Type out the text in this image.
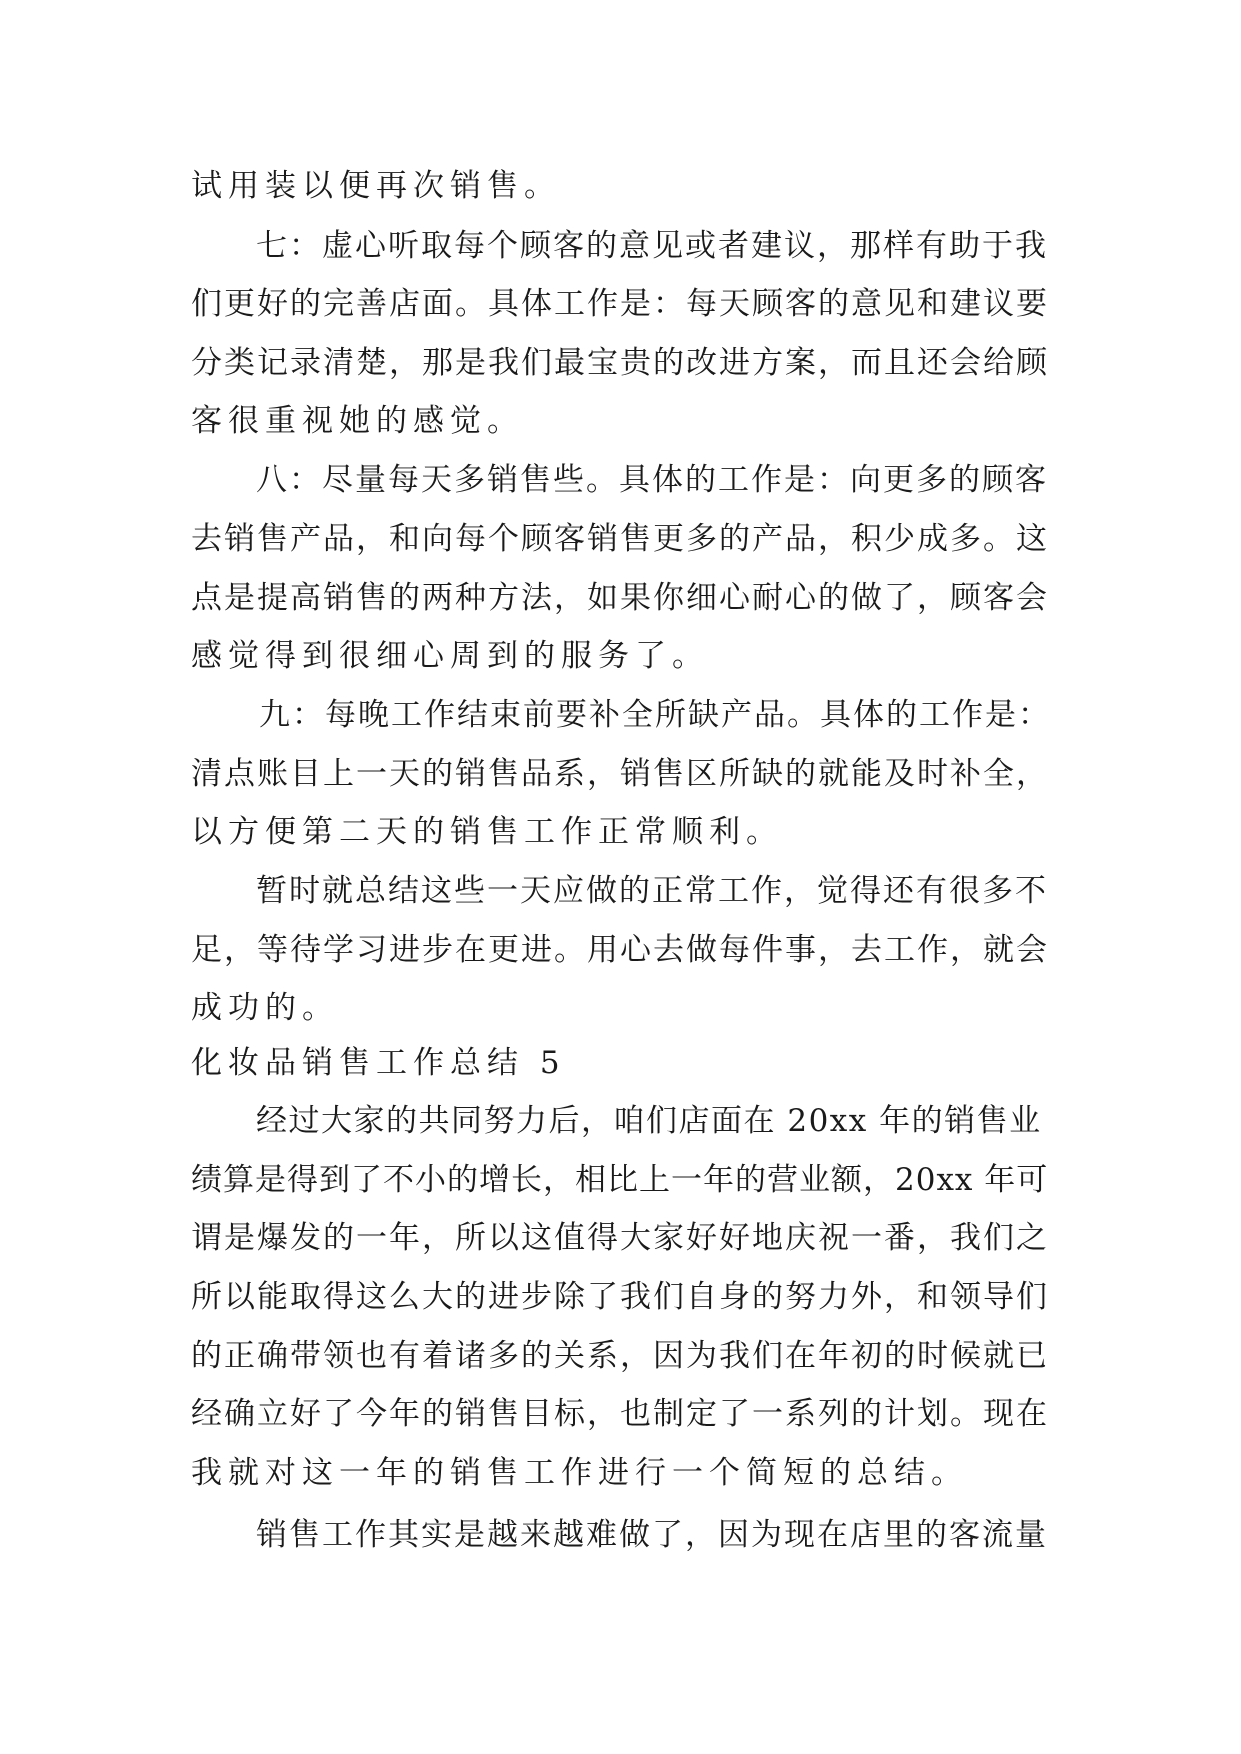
试用装以便再次销售。
七：虚心听取每个顾客的意见或者建议，那样有助于我
们更好的完善店面。具体工作是：每天顾客的意见和建议要
分类记录清楚，那是我们最宝贵的改进方案，而且还会给顾
客很重视她的感觉。
八：尽量每天多销售些。具体的工作是：向更多的顾客
去销售产品，和向每个顾客销售更多的产品，积少成多。这
点是提高销售的两种方法，如果你细心耐心的做了，顾客会
感觉得到很细心周到的服务了。
九：每晚工作结束前要补全所缺产品。具体的工作是：
清点账目上一天的销售品系，销售区所缺的就能及时补全，
以方便第二天的销售工作正常顺利。
暂时就总结这些一天应做的正常工作，觉得还有很多不
足，等待学习进步在更进。用心去做每件事，去工作，就会
成功的。
化妆品销售工作总结 5
经过大家的共同努力后，咱们店面在 20xx 年的销售业
绩算是得到了不小的增长，相比上一年的营业额，20xx 年可
谓是爆发的一年，所以这值得大家好好地庆祝一番，我们之
所以能取得这么大的进步除了我们自身的努力外，和领导们
的正确带领也有着诸多的关系，因为我们在年初的时候就已
经确立好了今年的销售目标，也制定了一系列的计划。现在
我就对这一年的销售工作进行一个简短的总结。
销售工作其实是越来越难做了，因为现在店里的客流量
